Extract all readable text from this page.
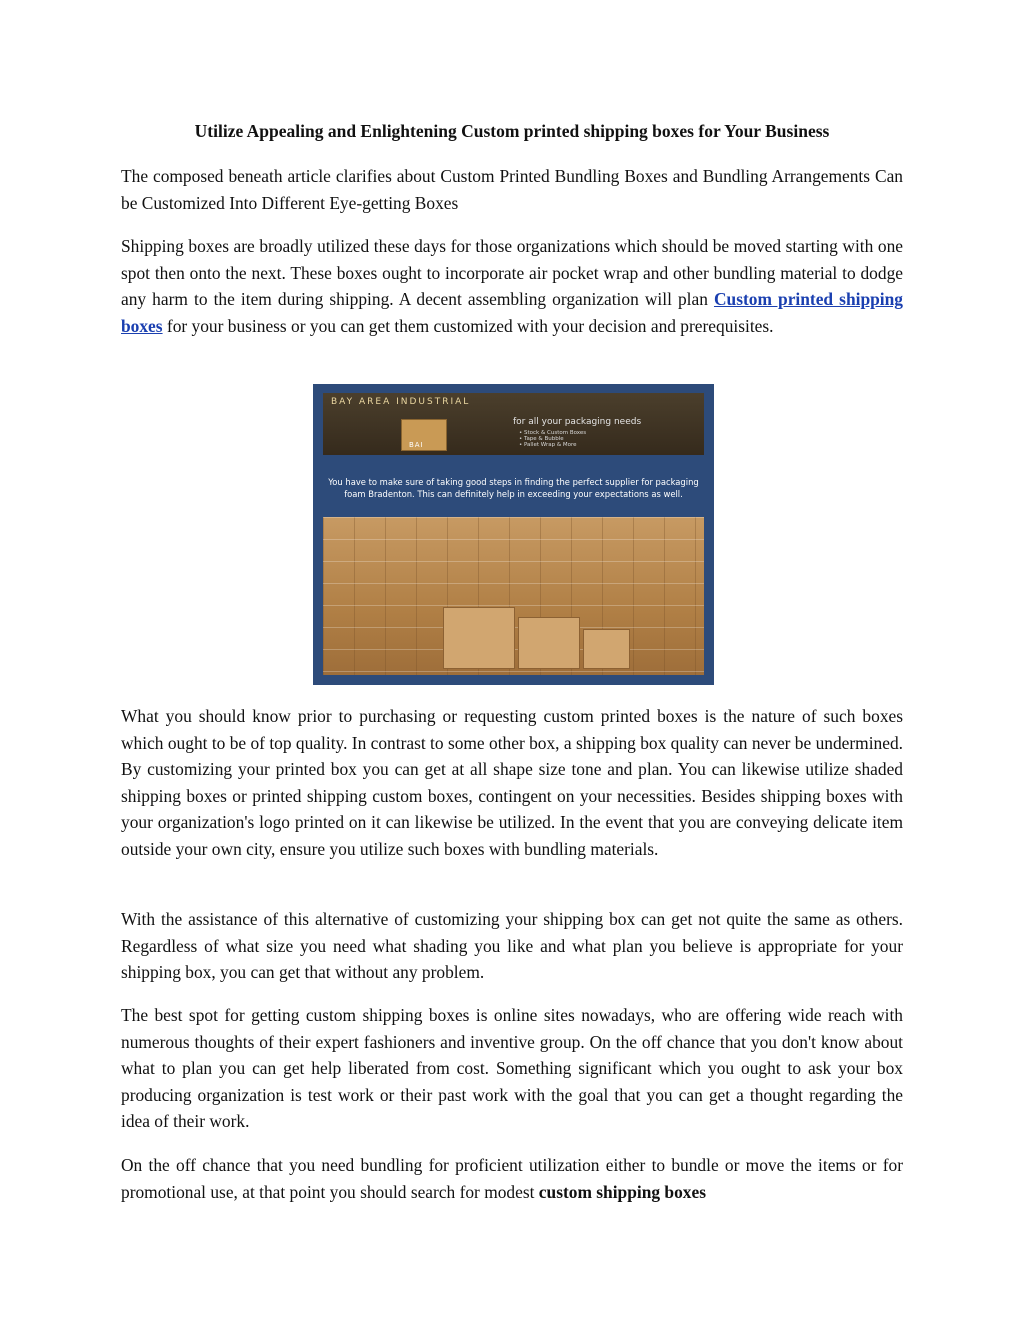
Utilize Appealing and Enlightening Custom printed shipping boxes for Your Business

The composed beneath article clarifies about Custom Printed Bundling Boxes and Bundling Arrangements Can be Customized Into Different Eye-getting Boxes

Shipping boxes are broadly utilized these days for those organizations which should be moved starting with one spot then onto the next. These boxes ought to incorporate air pocket wrap and other bundling material to dodge any harm to the item during shipping. A decent assembling organization will plan Custom printed shipping boxes for your business or you can get them customized with your decision and prerequisites.

BAY AREA INDUSTRIAL
BAI
for all your packaging needs
• Stock & Custom Boxes
• Tape & Bubble
• Pallet Wrap & More
You have to make sure of taking good steps in finding the perfect supplier for packaging foam Bradenton. This can definitely help in exceeding your expectations as well.

What you should know prior to purchasing or requesting custom printed boxes is the nature of such boxes which ought to be of top quality. In contrast to some other box, a shipping box quality can never be undermined. By customizing your printed box you can get at all shape size tone and plan. You can likewise utilize shaded shipping boxes or printed shipping custom boxes, contingent on your necessities. Besides shipping boxes with your organization's logo printed on it can likewise be utilized. In the event that you are conveying delicate item outside your own city, ensure you utilize such boxes with bundling materials.

With the assistance of this alternative of customizing your shipping box can get not quite the same as others. Regardless of what size you need what shading you like and what plan you believe is appropriate for your shipping box, you can get that without any problem.

The best spot for getting custom shipping boxes is online sites nowadays, who are offering wide reach with numerous thoughts of their expert fashioners and inventive group. On the off chance that you don't know about what to plan you can get help liberated from cost. Something significant which you ought to ask your box producing organization is test work or their past work with the goal that you can get a thought regarding the idea of their work.

On the off chance that you need bundling for proficient utilization either to bundle or move the items or for promotional use, at that point you should search for modest custom shipping boxes
